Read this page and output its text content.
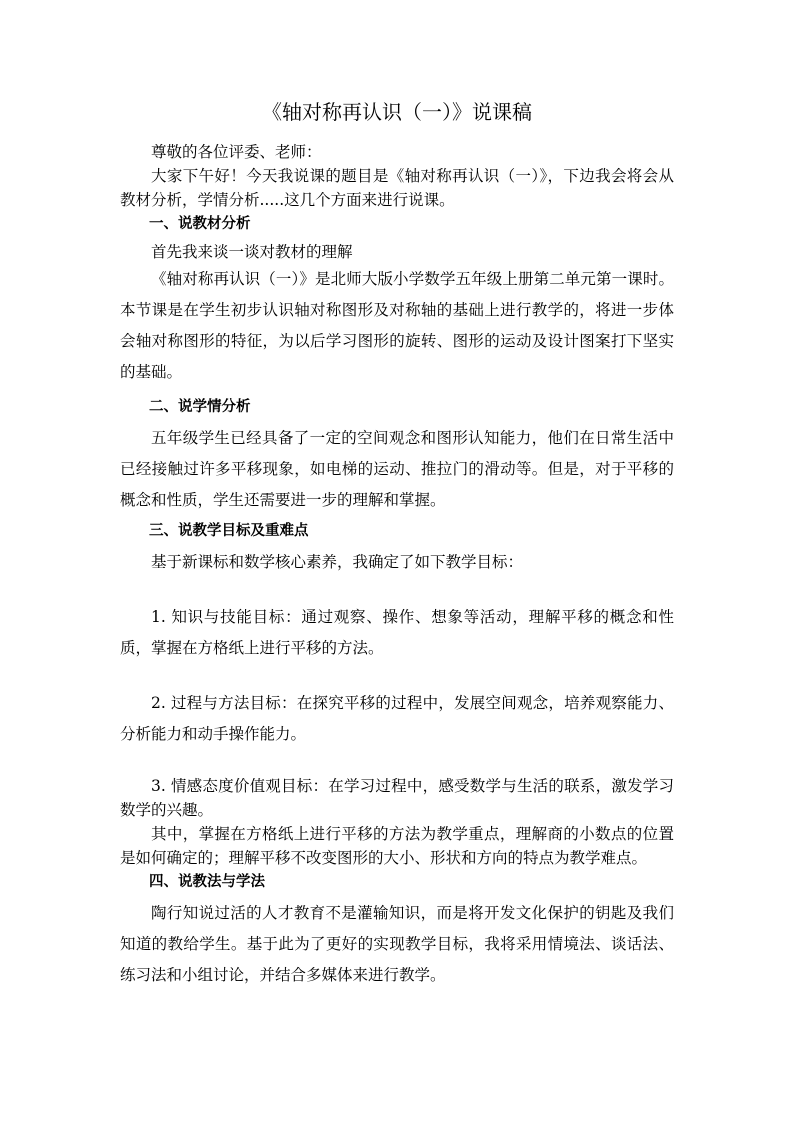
《轴对称再认识（一）》说课稿

尊敬的各位评委、老师：

大家下午好！今天我说课的题目是《轴对称再认识（一）》，下边我会将会从教材分析，学情分析.....这几个方面来进行说课。

一、说教材分析

首先我来谈一谈对教材的理解

《轴对称再认识（一）》是北师大版小学数学五年级上册第二单元第一课时。本节课是在学生初步认识轴对称图形及对称轴的基础上进行教学的，将进一步体会轴对称图形的特征，为以后学习图形的旋转、图形的运动及设计图案打下坚实的基础。

二、说学情分析

五年级学生已经具备了一定的空间观念和图形认知能力，他们在日常生活中已经接触过许多平移现象，如电梯的运动、推拉门的滑动等。但是，对于平移的概念和性质，学生还需要进一步的理解和掌握。

三、说教学目标及重难点

基于新课标和数学核心素养，我确定了如下教学目标：

1. 知识与技能目标：通过观察、操作、想象等活动，理解平移的概念和性质，掌握在方格纸上进行平移的方法。

2. 过程与方法目标：在探究平移的过程中，发展空间观念，培养观察能力、分析能力和动手操作能力。

3. 情感态度价值观目标：在学习过程中，感受数学与生活的联系，激发学习数学的兴趣。

其中，掌握在方格纸上进行平移的方法为教学重点，理解商的小数点的位置是如何确定的；理解平移不改变图形的大小、形状和方向的特点为教学难点。

四、说教法与学法

陶行知说过活的人才教育不是灌输知识，而是将开发文化保护的钥匙及我们知道的教给学生。基于此为了更好的实现教学目标，我将采用情境法、谈话法、练习法和小组讨论，并结合多媒体来进行教学。
